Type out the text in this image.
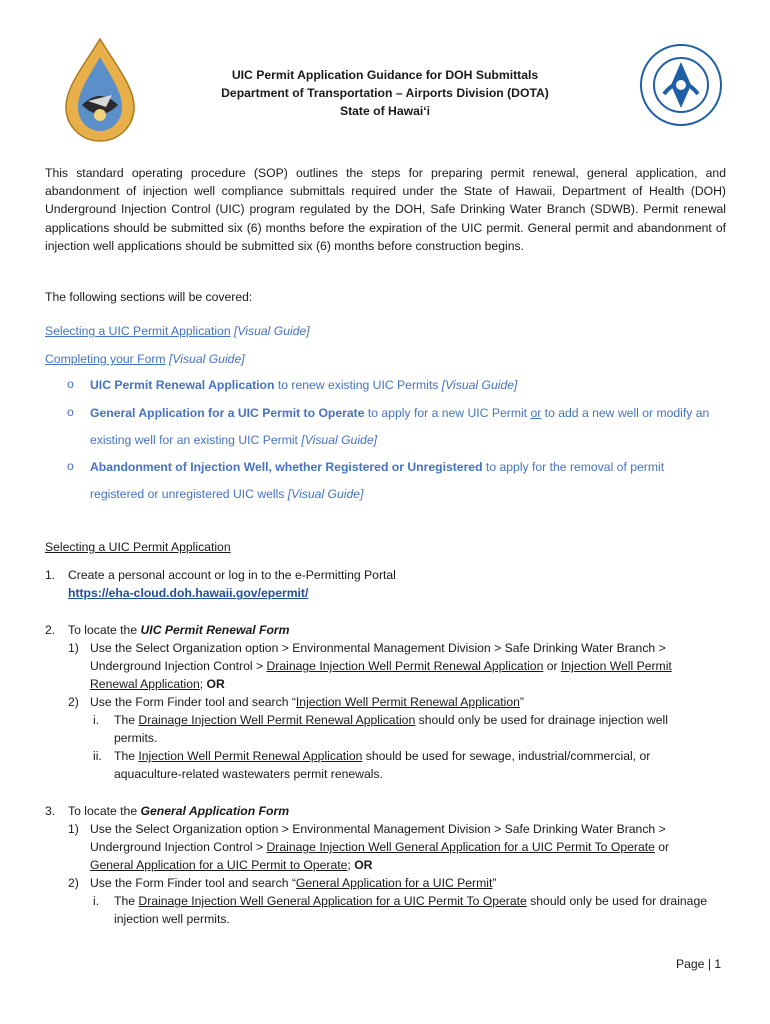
UIC Permit Application Guidance for DOH Submittals
Department of Transportation – Airports Division (DOTA)
State of Hawaiʻi
This standard operating procedure (SOP) outlines the steps for preparing permit renewal, general application, and abandonment of injection well compliance submittals required under the State of Hawaii, Department of Health (DOH) Underground Injection Control (UIC) program regulated by the DOH, Safe Drinking Water Branch (SDWB). Permit renewal applications should be submitted six (6) months before the expiration of the UIC permit. General permit and abandonment of injection well applications should be submitted six (6) months before construction begins.
The following sections will be covered:
Selecting a UIC Permit Application [Visual Guide]
Completing your Form [Visual Guide]
o UIC Permit Renewal Application to renew existing UIC Permits [Visual Guide]
o General Application for a UIC Permit to Operate to apply for a new UIC Permit or to add a new well or modify an existing well for an existing UIC Permit [Visual Guide]
o Abandonment of Injection Well, whether Registered or Unregistered to apply for the removal of permit registered or unregistered UIC wells [Visual Guide]
Selecting a UIC Permit Application
1. Create a personal account or log in to the e-Permitting Portal
https://eha-cloud.doh.hawaii.gov/epermit/
2. To locate the UIC Permit Renewal Form
1) Use the Select Organization option > Environmental Management Division > Safe Drinking Water Branch > Underground Injection Control > Drainage Injection Well Permit Renewal Application or Injection Well Permit Renewal Application; OR
2) Use the Form Finder tool and search “Injection Well Permit Renewal Application”
i. The Drainage Injection Well Permit Renewal Application should only be used for drainage injection well permits.
ii. The Injection Well Permit Renewal Application should be used for sewage, industrial/commercial, or aquaculture-related wastewaters permit renewals.
3. To locate the General Application Form
1) Use the Select Organization option > Environmental Management Division > Safe Drinking Water Branch > Underground Injection Control > Drainage Injection Well General Application for a UIC Permit To Operate or General Application for a UIC Permit to Operate; OR
2) Use the Form Finder tool and search “General Application for a UIC Permit”
i. The Drainage Injection Well General Application for a UIC Permit To Operate should only be used for drainage injection well permits.
Page | 1
